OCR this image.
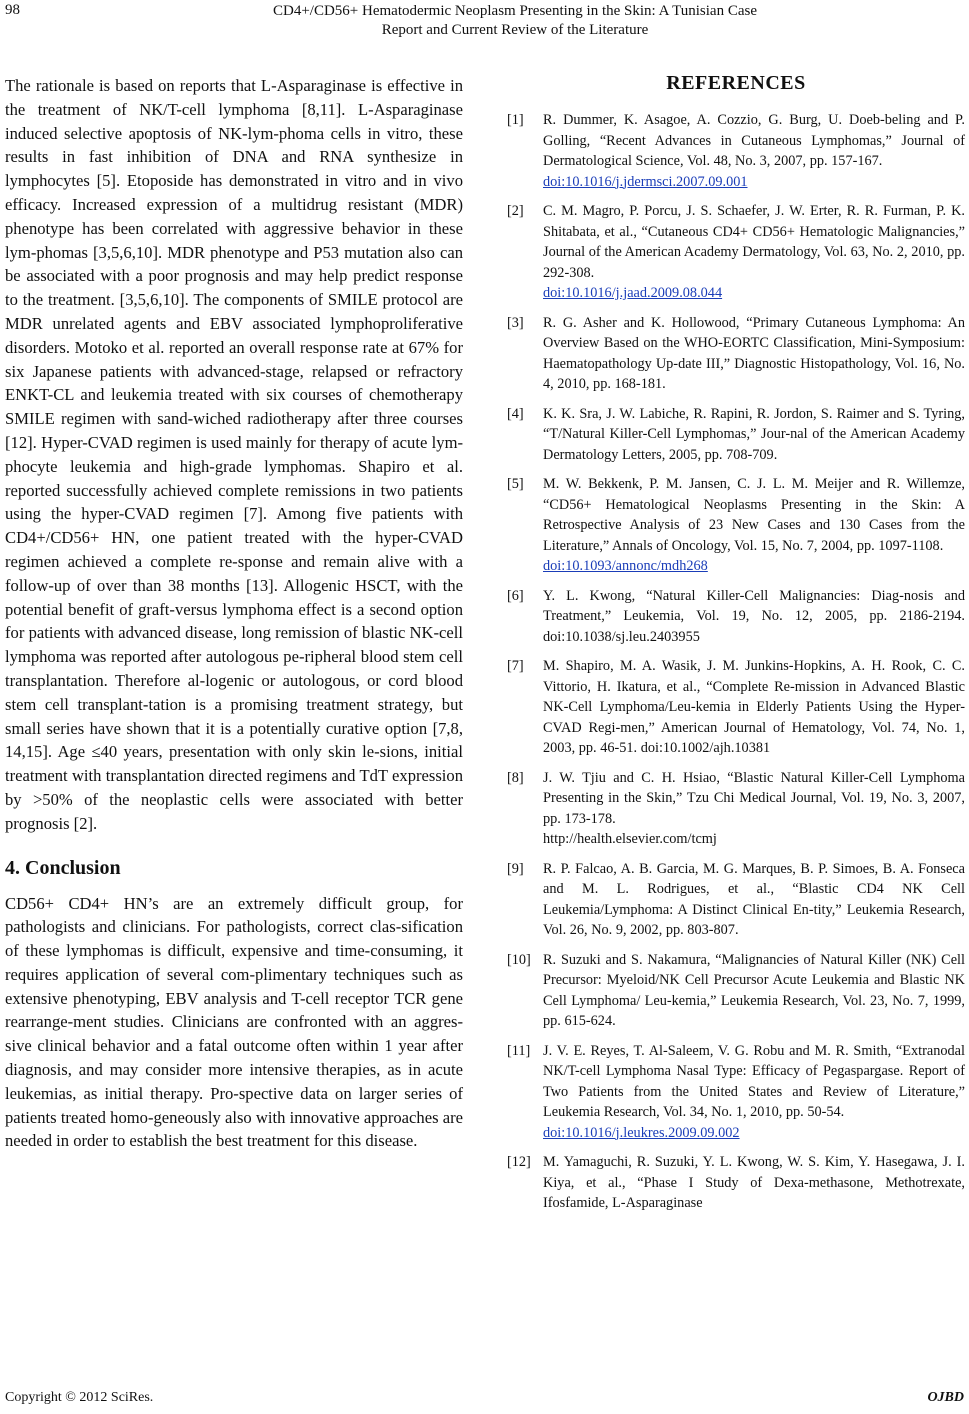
98	CD4+/CD56+ Hematodermic Neoplasm Presenting in the Skin: A Tunisian Case
Report and Current Review of the Literature

The rationale is based on reports that L-Asparaginase is effective in the treatment of NK/T-cell lymphoma [8,11]. L-Asparaginase induced selective apoptosis of NK-lym-phoma cells in vitro, these results in fast inhibition of DNA and RNA synthesize in lymphocytes [5]. Etoposide has demonstrated in vitro and in vivo efficacy. Increased expression of a multidrug resistant (MDR) phenotype has been correlated with aggressive behavior in these lym-phomas [3,5,6,10]. MDR phenotype and P53 mutation also can be associated with a poor prognosis and may help predict response to the treatment. [3,5,6,10]. The components of SMILE protocol are MDR unrelated agents and EBV associated lymphoproliferative disorders. Motoko et al. reported an overall response rate at 67% for six Japanese patients with advanced-stage, relapsed or refractory ENKT-CL and leukemia treated with six courses of chemotherapy SMILE regimen with sand-wiched radiotherapy after three courses [12]. Hyper-CVAD regimen is used mainly for therapy of acute lym-phocyte leukemia and high-grade lymphomas. Shapiro et al. reported successfully achieved complete remissions in two patients using the hyper-CVAD regimen [7]. Among five patients with CD4+/CD56+ HN, one patient treated with the hyper-CVAD regimen achieved a complete re-sponse and remain alive with a follow-up of over than 38 months [13]. Allogenic HSCT, with the potential benefit of graft-versus lymphoma effect is a second option for patients with advanced disease, long remission of blastic NK-cell lymphoma was reported after autologous pe-ripheral blood stem cell transplantation. Therefore al-logenic or autologous, or cord blood stem cell transplant-tation is a promising treatment strategy, but small series have shown that it is a potentially curative option [7,8, 14,15]. Age ≤40 years, presentation with only skin le-sions, initial treatment with transplantation directed regimens and TdT expression by >50% of the neoplastic cells were associated with better prognosis [2].

4. Conclusion

CD56+ CD4+ HN’s are an extremely difficult group, for pathologists and clinicians. For pathologists, correct clas-sification of these lymphomas is difficult, expensive and time-consuming, it requires application of several com-plimentary techniques such as extensive phenotyping, EBV analysis and T-cell receptor TCR gene rearrange-ment studies. Clinicians are confronted with an aggres-sive clinical behavior and a fatal outcome often within 1 year after diagnosis, and may consider more intensive therapies, as in acute leukemias, as initial therapy. Pro-spective data on larger series of patients treated homo-geneously also with innovative approaches are needed in order to establish the best treatment for this disease.

REFERENCES
[1]	R. Dummer, K. Asagoe, A. Cozzio, G. Burg, U. Doeb-beling and P. Golling, “Recent Advances in Cutaneous Lymphomas,” Journal of Dermatological Science, Vol. 48, No. 3, 2007, pp. 157-167.
doi:10.1016/j.jdermsci.2007.09.001
[2]	C. M. Magro, P. Porcu, J. S. Schaefer, J. W. Erter, R. R. Furman, P. K. Shitabata, et al., “Cutaneous CD4+ CD56+ Hematologic Malignancies,” Journal of the American Academy Dermatology, Vol. 63, No. 2, 2010, pp. 292-308.
doi:10.1016/j.jaad.2009.08.044
[3]	R. G. Asher and K. Hollowood, “Primary Cutaneous Lymphoma: An Overview Based on the WHO-EORTC Classification, Mini-Symposium: Haematopathology Up-date III,” Diagnostic Histopathology, Vol. 16, No. 4, 2010, pp. 168-181.
[4]	K. K. Sra, J. W. Labiche, R. Rapini, R. Jordon, S. Raimer and S. Tyring, “T/Natural Killer-Cell Lymphomas,” Jour-nal of the American Academy Dermatology Letters, 2005, pp. 708-709.
[5]	M. W. Bekkenk, P. M. Jansen, C. J. L. M. Meijer and R. Willemze, “CD56+ Hematological Neoplasms Presenting in the Skin: A Retrospective Analysis of 23 New Cases and 130 Cases from the Literature,” Annals of Oncology, Vol. 15, No. 7, 2004, pp. 1097-1108.
doi:10.1093/annonc/mdh268
[6]	Y. L. Kwong, “Natural Killer-Cell Malignancies: Diag-nosis and Treatment,” Leukemia, Vol. 19, No. 12, 2005, pp. 2186-2194. doi:10.1038/sj.leu.2403955
[7]	M. Shapiro, M. A. Wasik, J. M. Junkins-Hopkins, A. H. Rook, C. C. Vittorio, H. Ikatura, et al., “Complete Re-mission in Advanced Blastic NK-Cell Lymphoma/Leu-kemia in Elderly Patients Using the Hyper-CVAD Regi-men,” American Journal of Hematology, Vol. 74, No. 1, 2003, pp. 46-51. doi:10.1002/ajh.10381
[8]	J. W. Tjiu and C. H. Hsiao, “Blastic Natural Killer-Cell Lymphoma Presenting in the Skin,” Tzu Chi Medical Journal, Vol. 19, No. 3, 2007, pp. 173-178.
http://health.elsevier.com/tcmj
[9]	R. P. Falcao, A. B. Garcia, M. G. Marques, B. P. Simoes, B. A. Fonseca and M. L. Rodrigues, et al., “Blastic CD4 NK Cell Leukemia/Lymphoma: A Distinct Clinical En-tity,” Leukemia Research, Vol. 26, No. 9, 2002, pp. 803-807.
[10] R. Suzuki and S. Nakamura, “Malignancies of Natural Killer (NK) Cell Precursor: Myeloid/NK Cell Precursor Acute Leukemia and Blastic NK Cell Lymphoma/ Leu-kemia,” Leukemia Research, Vol. 23, No. 7, 1999, pp. 615-624.
[11] J. V. E. Reyes, T. Al-Saleem, V. G. Robu and M. R. Smith, “Extranodal NK/T-cell Lymphoma Nasal Type: Efficacy of Pegaspargase. Report of Two Patients from the United States and Review of Literature,” Leukemia Research, Vol. 34, No. 1, 2010, pp. 50-54.
doi:10.1016/j.leukres.2009.09.002
[12] M. Yamaguchi, R. Suzuki, Y. L. Kwong, W. S. Kim, Y. Hasegawa, J. I. Kiya, et al., “Phase I Study of Dexa-methasone, Methotrexate, Ifosfamide, L-Asparaginase
Copyright © 2012 SciRes.	OJBD
